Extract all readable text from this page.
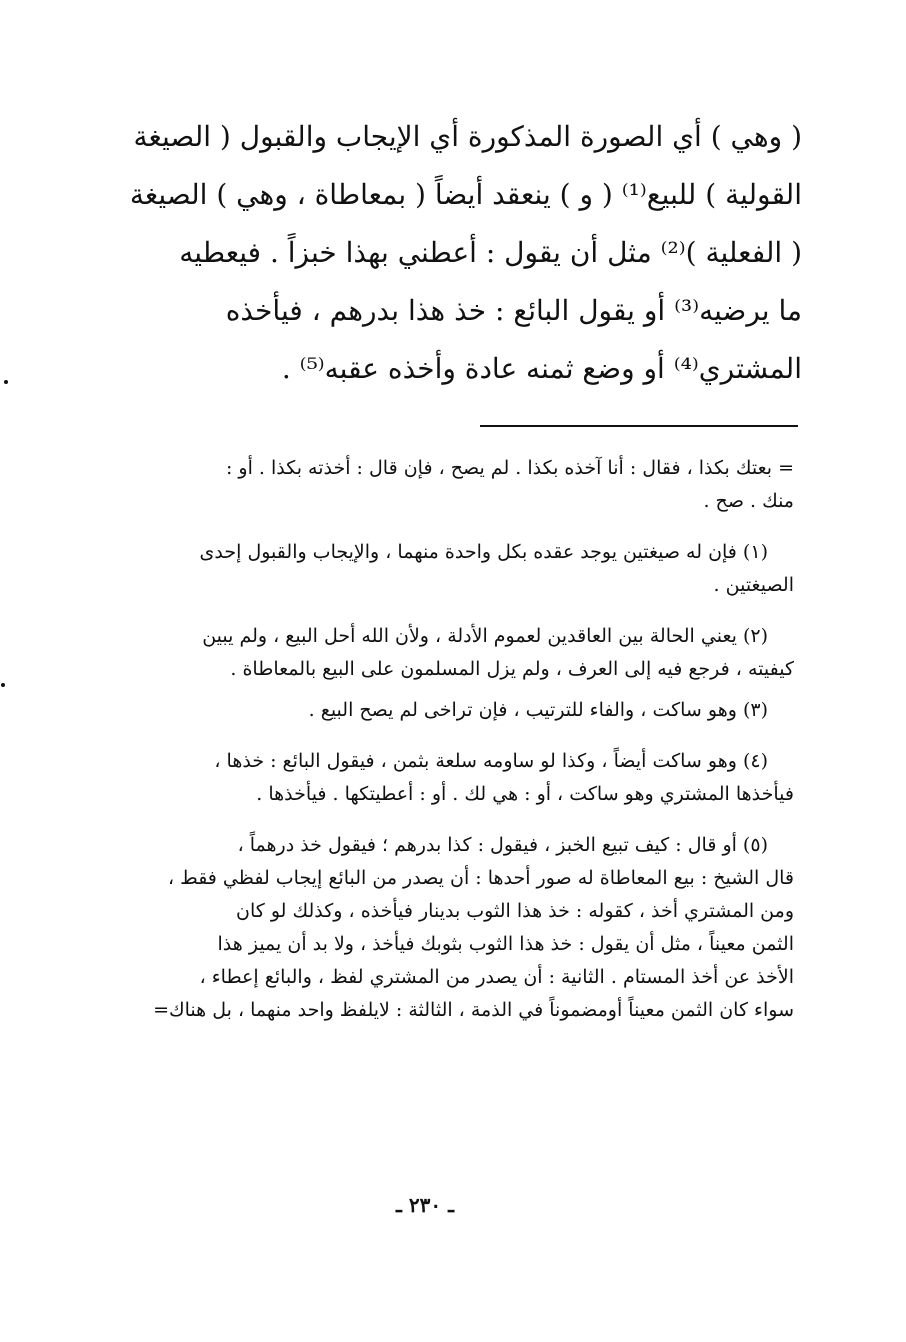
( وهي ) أي الصورة المذكورة أي الإيجاب والقبول ( الصيغة
القولية ) للبيع⁽¹⁾ ( و ) ينعقد أيضاً ( بمعاطاة ، وهي ) الصيغة
( الفعلية )⁽²⁾ مثل أن يقول : أعطني بهذا خبزاً . فيعطيه
ما يرضيه⁽³⁾ أو يقول البائع : خذ هذا بدرهم ، فيأخذه
المشتري⁽⁴⁾ أو وضع ثمنه عادة وأخذه عقبه⁽⁵⁾ .
= بعتك بكذا ، فقال : أنا آخذه بكذا . لم يصح ، فإن قال : أخذته بكذا . أو :
منك . صح .
(١) فإن له صيغتين يوجد عقده بكل واحدة منهما ، والإيجاب والقبول إحدى
الصيغتين .
(٢) يعني الحالة بين العاقدين لعموم الأدلة ، ولأن الله أحل البيع ، ولم يبين
كيفيته ، فرجع فيه إلى العرف ، ولم يزل المسلمون على البيع بالمعاطاة .
(٣) وهو ساكت ، والفاء للترتيب ، فإن تراخى لم يصح البيع .
(٤) وهو ساكت أيضاً ، وكذا لو ساومه سلعة بثمن ، فيقول البائع : خذها ،
فيأخذها المشتري وهو ساكت ، أو : هي لك . أو : أعطيتكها . فيأخذها .
(٥) أو قال : كيف تبيع الخبز ، فيقول : كذا بدرهم ؛ فيقول خذ درهماً ،
قال الشيخ : بيع المعاطاة له صور أحدها : أن يصدر من البائع إيجاب لفظي فقط ،
ومن المشتري أخذ ، كقوله : خذ هذا الثوب بدينار فيأخذه ، وكذلك لو كان
الثمن معيناً ، مثل أن يقول : خذ هذا الثوب بثوبك فيأخذ ، ولا بد أن يميز هذا
الأخذ عن أخذ المستام . الثانية : أن يصدر من المشتري لفظ ، والبائع إعطاء ،
سواء كان الثمن معيناً أومضموناً في الذمة ، الثالثة : لايلفظ واحد منهما ، بل هناك=
ـ ٢٣٠ ـ
